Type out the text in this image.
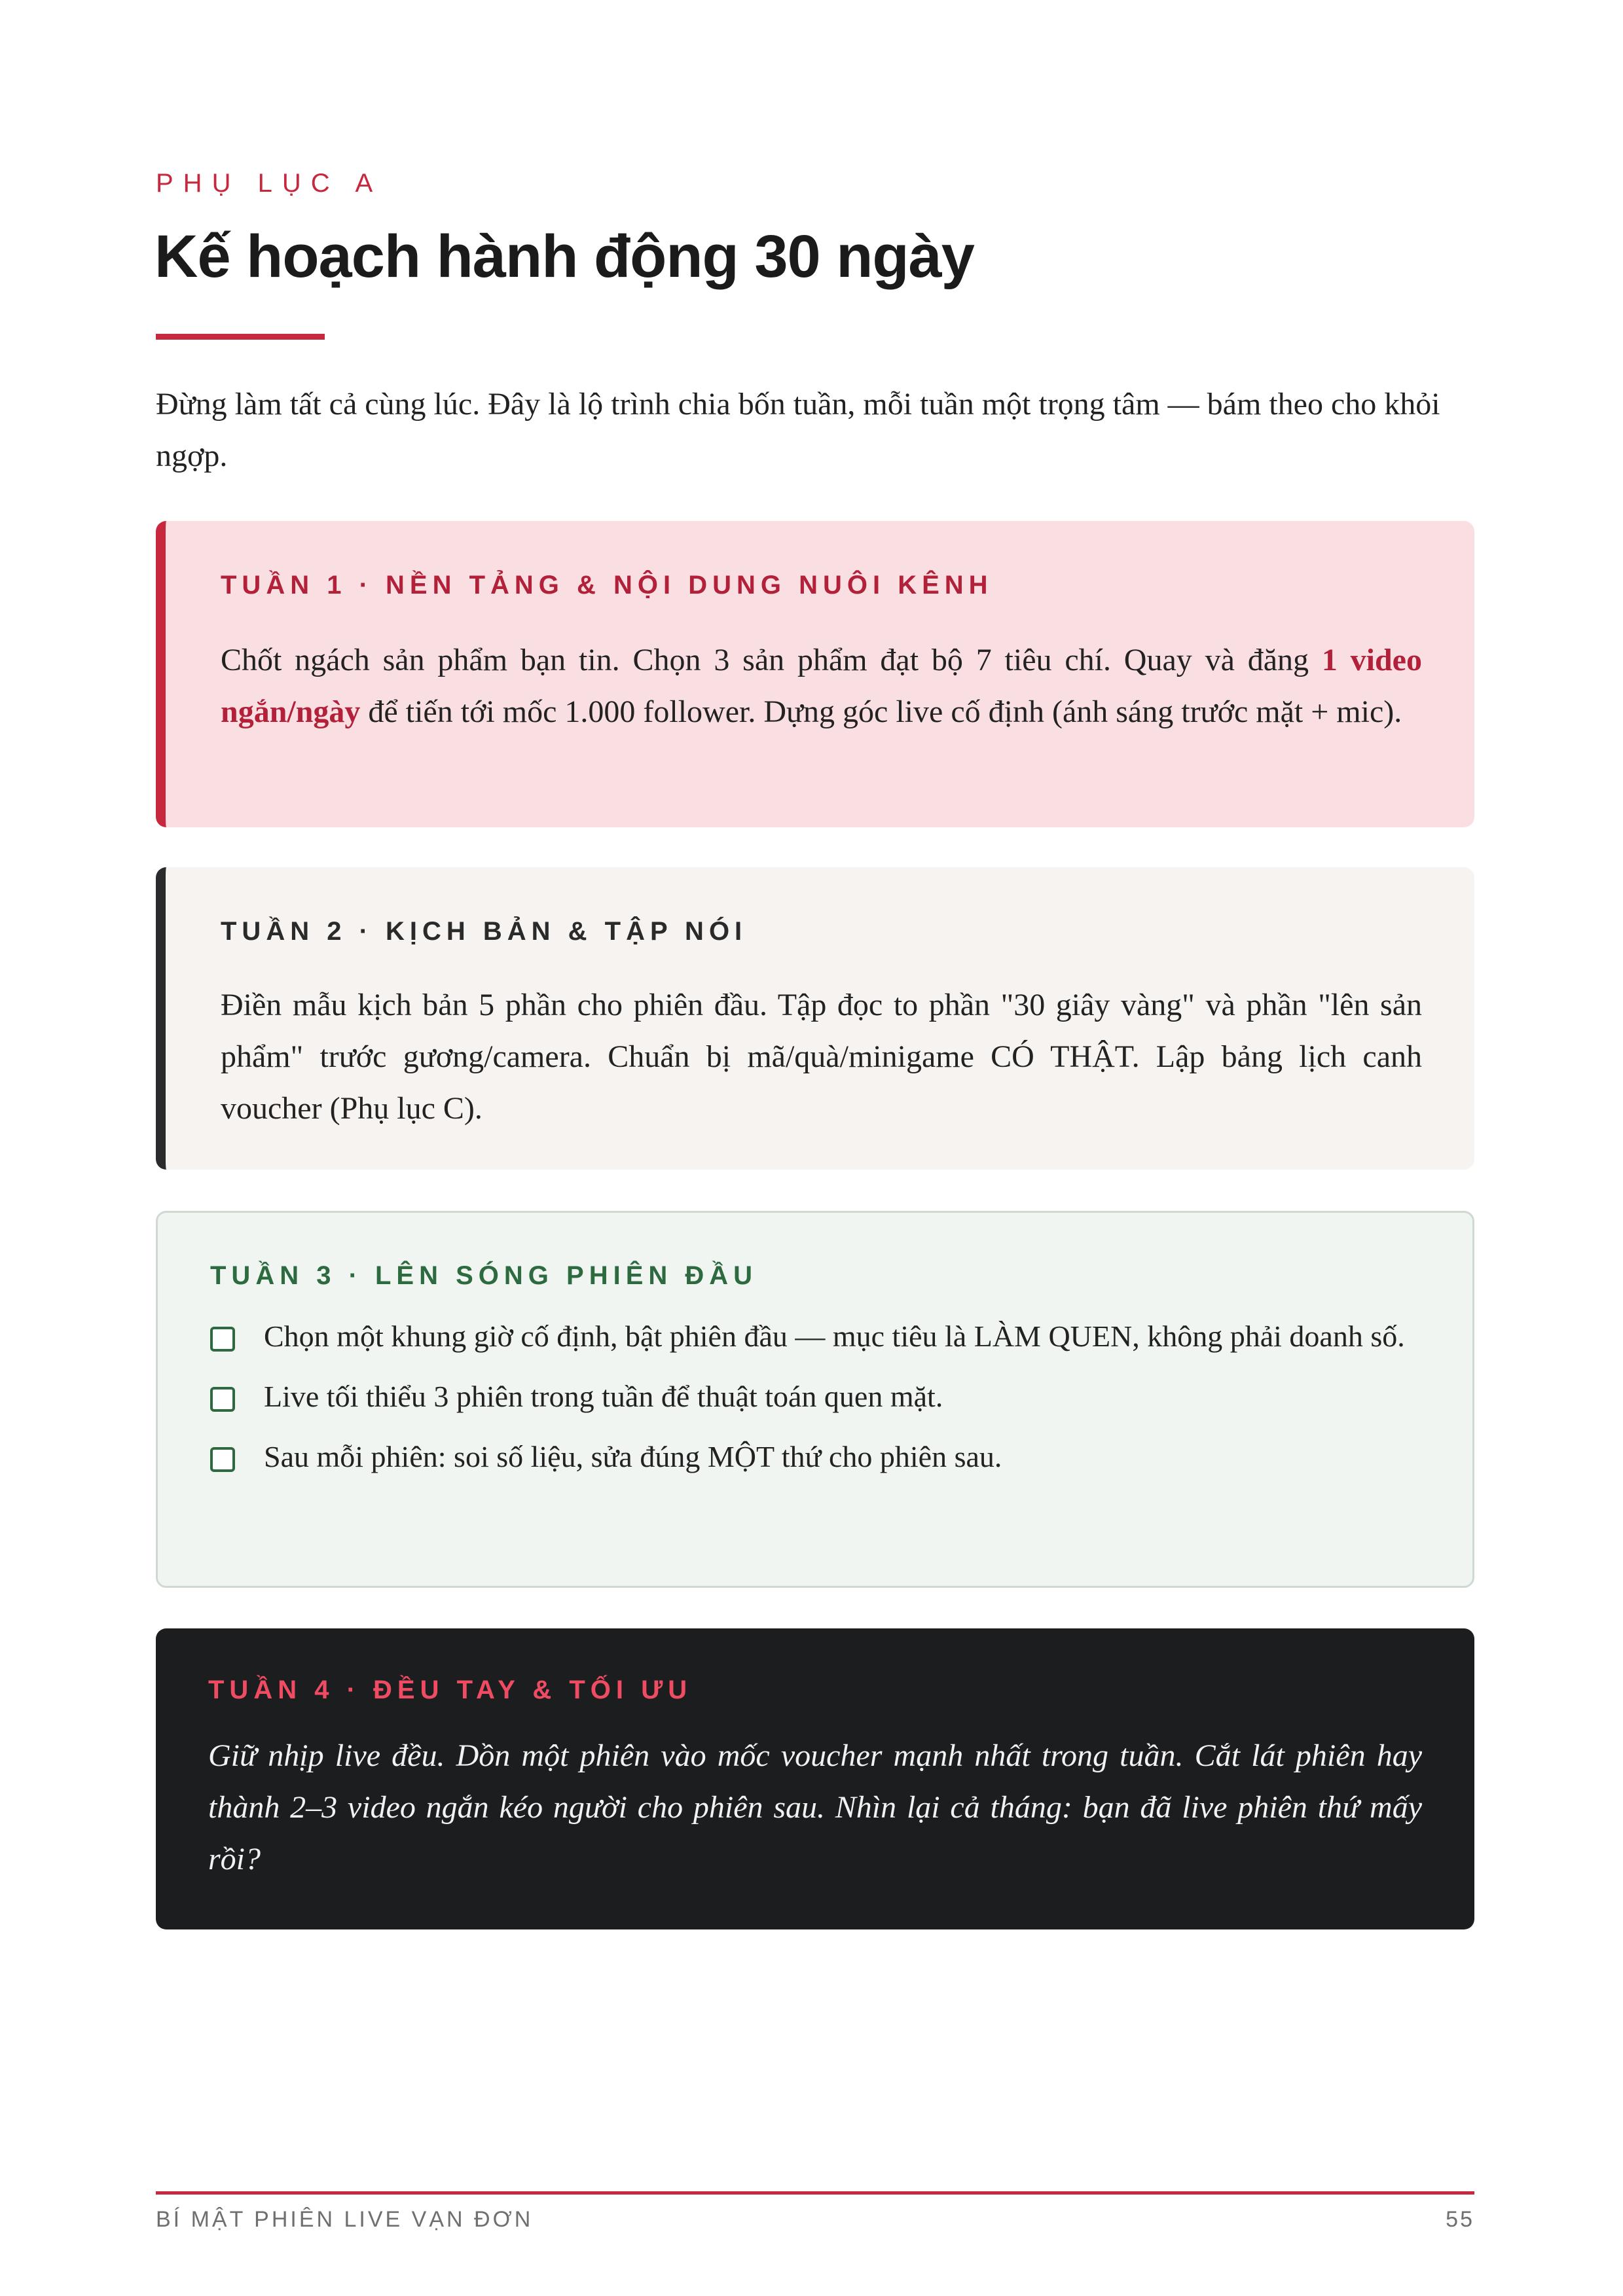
PHỤ LỤC A
Kế hoạch hành động 30 ngày

Đừng làm tất cả cùng lúc. Đây là lộ trình chia bốn tuần, mỗi tuần một trọng tâm — bám theo cho khỏi ngợp.

TUẦN 1 · NỀN TẢNG & NỘI DUNG NUÔI KÊNH

Chốt ngách sản phẩm bạn tin. Chọn 3 sản phẩm đạt bộ 7 tiêu chí. Quay và đăng 1 video ngắn/ngày để tiến tới mốc 1.000 follower. Dựng góc live cố định (ánh sáng trước mặt + mic).

TUẦN 2 · KỊCH BẢN & TẬP NÓI

Điền mẫu kịch bản 5 phần cho phiên đầu. Tập đọc to phần "30 giây vàng" và phần "lên sản phẩm" trước gương/camera. Chuẩn bị mã/quà/minigame CÓ THẬT. Lập bảng lịch canh voucher (Phụ lục C).

TUẦN 3 · LÊN SÓNG PHIÊN ĐẦU
Chọn một khung giờ cố định, bật phiên đầu — mục tiêu là LÀM QUEN, không phải doanh số.
Live tối thiểu 3 phiên trong tuần để thuật toán quen mặt.
Sau mỗi phiên: soi số liệu, sửa đúng MỘT thứ cho phiên sau.
TUẦN 4 · ĐỀU TAY & TỐI ƯU

Giữ nhịp live đều. Dồn một phiên vào mốc voucher mạnh nhất trong tuần. Cắt lát phiên hay thành 2–3 video ngắn kéo người cho phiên sau. Nhìn lại cả tháng: bạn đã live phiên thứ mấy rồi?

BÍ MẬT PHIÊN LIVE VẠN ĐƠN	55
